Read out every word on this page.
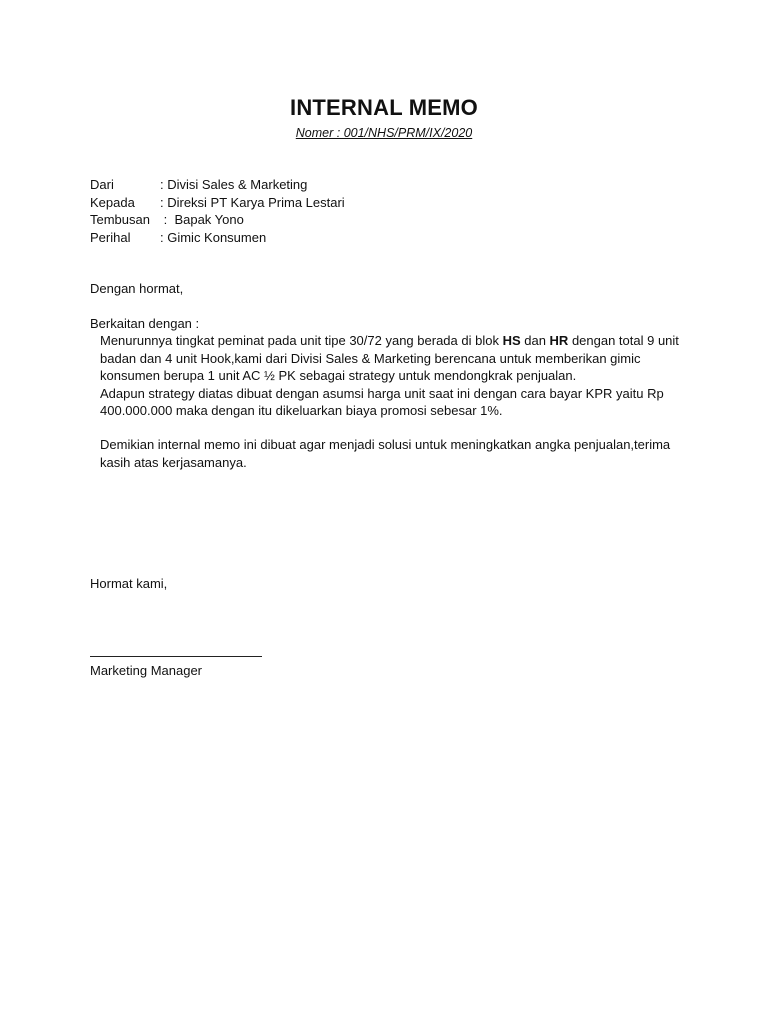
INTERNAL MEMO
Nomer : 001/NHS/PRM/IX/2020
Dari	: Divisi Sales & Marketing
Kepada	: Direksi PT Karya Prima Lestari
Tembusan :  Bapak Yono
Perihal	: Gimic Konsumen
Dengan hormat,
Berkaitan dengan :

Menurunnya tingkat peminat pada unit tipe 30/72 yang berada di blok HS dan HR dengan total 9 unit badan dan 4 unit Hook,kami dari Divisi Sales & Marketing berencana untuk memberikan gimic konsumen berupa 1 unit AC ½ PK sebagai strategy untuk mendongkrak penjualan.

Adapun strategy diatas dibuat dengan asumsi harga unit saat ini dengan cara bayar KPR yaitu Rp 400.000.000 maka dengan itu dikeluarkan biaya promosi sebesar 1%.

Demikian internal memo ini dibuat agar menjadi solusi untuk meningkatkan angka penjualan,terima kasih atas kerjasamanya.
Hormat kami,
Marketing Manager
